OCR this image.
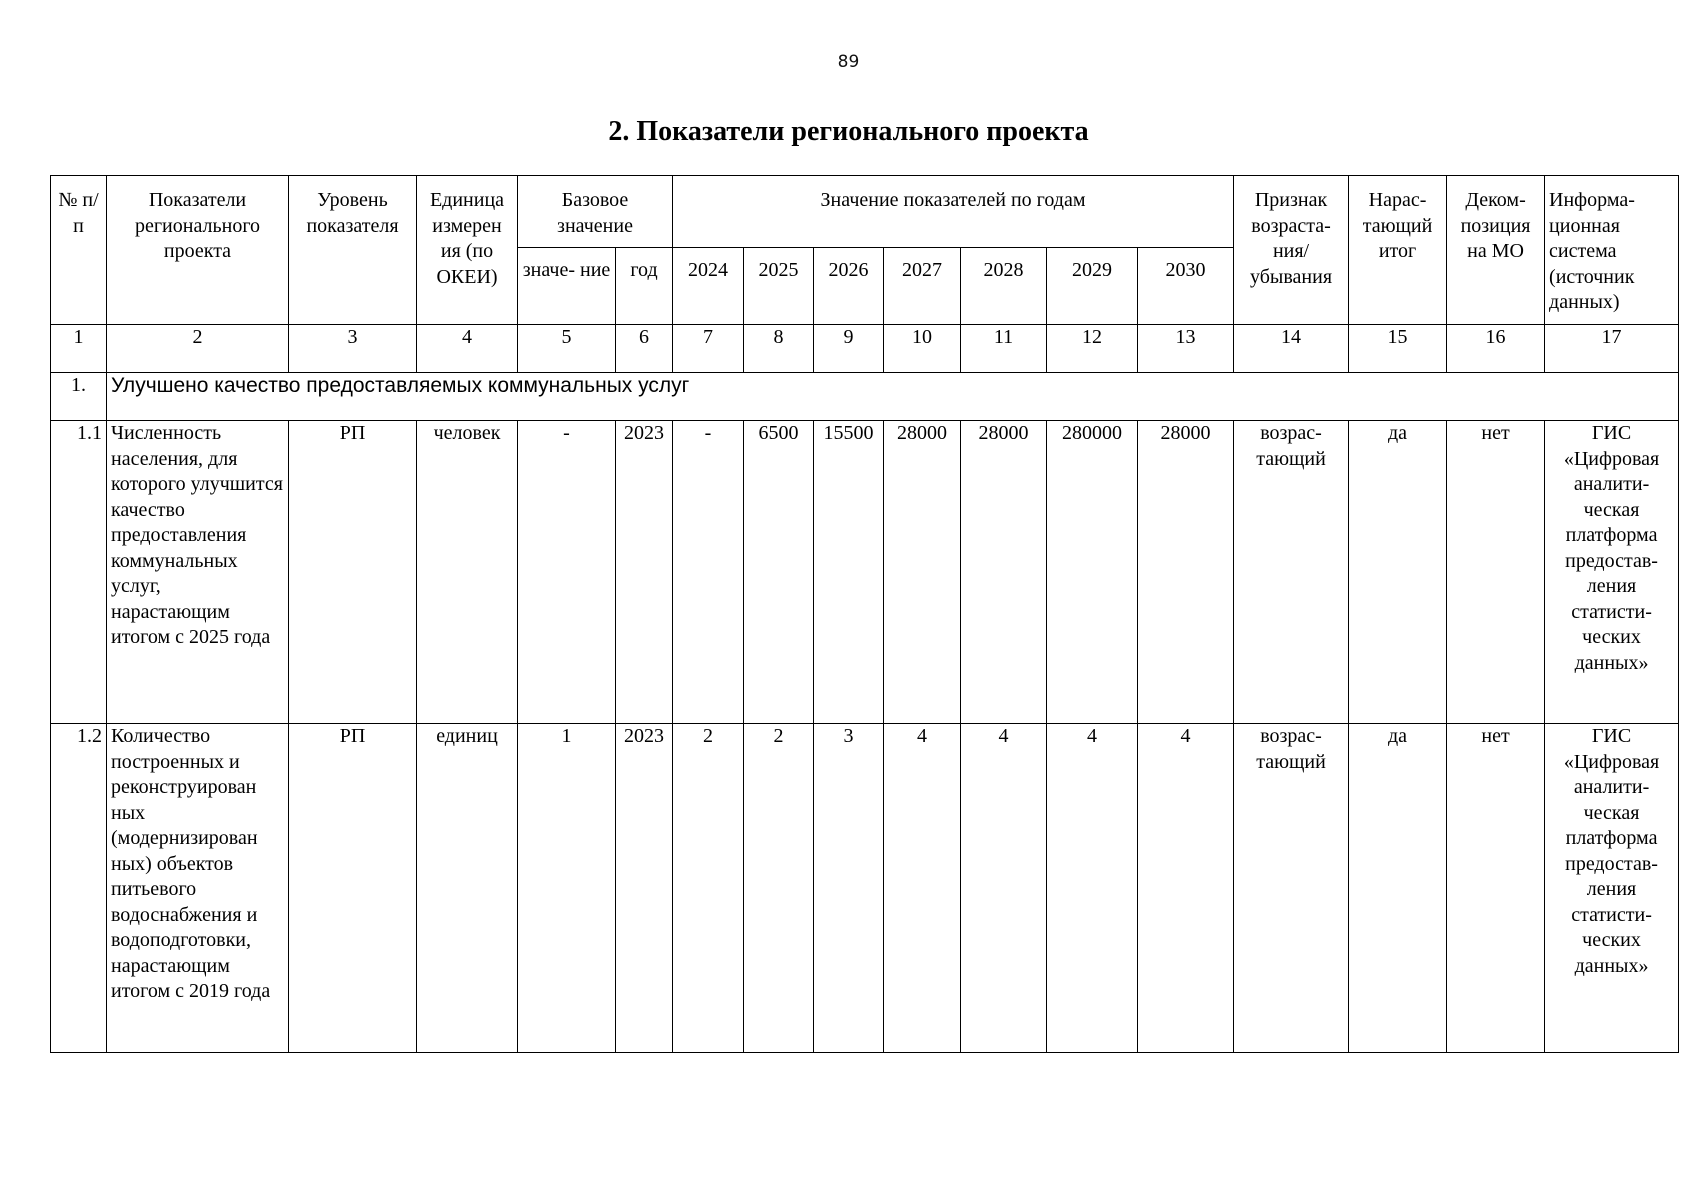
89
2. Показатели регионального проекта
№ п/п	Показатели регионального проекта	Уровень показателя	Единица измерен ия (по ОКЕИ)	Базовое значение		Значение показателей по годам							Признак возраста- ния/ убывания	Нарас- тающий итог	Деком- позиция на МО	Информа- ционная система (источник данных)
				значе- ние	год	2024	2025	2026	2027	2028	2029	2030				
1	2	3	4	5	6	7	8	9	10	11	12	13	14	15	16	17
1.	Улучшено качество предоставляемых коммунальных услуг															
1.1	Численность населения, для которого улучшится качество предоставления коммунальных услуг, нарастающим итогом с 2025 года	РП	человек	-	2023	-	6500	15500	28000	28000	280000	28000	возрас- тающий	да	нет	ГИС «Цифровая аналити- ческая платформа предостав- ления статисти- ческих данных»
1.2	Количество построенных и реконструирован ных (модернизирован ных) объектов питьевого водоснабжения и водоподготовки, нарастающим итогом с 2019 года	РП	единиц	1	2023	2	2	3	4	4	4	4	возрас- тающий	да	нет	ГИС «Цифровая аналити- ческая платформа предостав- ления статисти- ческих данных»
